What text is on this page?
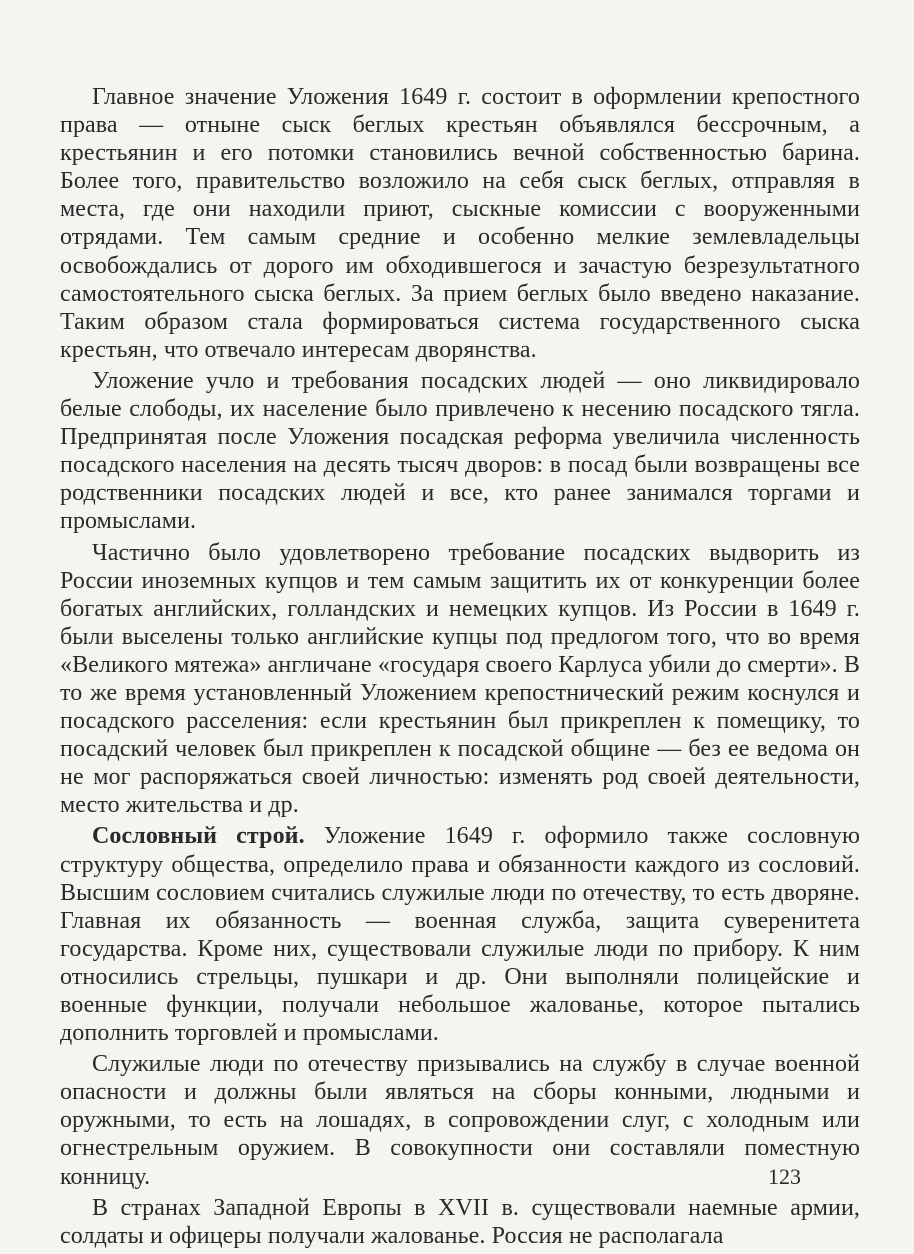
Главное значение Уложения 1649 г. состоит в оформлении крепостного права — отныне сыск беглых крестьян объявлялся бессрочным, а крестьянин и его потомки становились вечной собственностью барина. Более того, правительство возложило на себя сыск беглых, отправляя в места, где они находили приют, сыскные комиссии с вооруженными отрядами. Тем самым средние и особенно мелкие землевладельцы освобождались от дорого им обходившегося и зачастую безрезультатного самостоятельного сыска беглых. За прием беглых было введено наказание. Таким образом стала формироваться система государственного сыска крестьян, что отвечало интересам дворянства.

Уложение учло и требования посадских людей — оно ликвидировало белые слободы, их население было привлечено к несению посадского тягла. Предпринятая после Уложения посадская реформа увеличила численность посадского населения на десять тысяч дворов: в посад были возвращены все родственники посадских людей и все, кто ранее занимался торгами и промыслами.

Частично было удовлетворено требование посадских выдворить из России иноземных купцов и тем самым защитить их от конкуренции более богатых английских, голландских и немецких купцов. Из России в 1649 г. были выселены только английские купцы под предлогом того, что во время «Великого мятежа» англичане «государя своего Карлуса убили до смерти». В то же время установленный Уложением крепостнический режим коснулся и посадского расселения: если крестьянин был прикреплен к помещику, то посадский человек был прикреплен к посадской общине — без ее ведома он не мог распоряжаться своей личностью: изменять род своей деятельности, место жительства и др.

Сословный строй. Уложение 1649 г. оформило также сословную структуру общества, определило права и обязанности каждого из сословий. Высшим сословием считались служилые люди по отечеству, то есть дворяне. Главная их обязанность — военная служба, защита суверенитета государства. Кроме них, существовали служилые люди по прибору. К ним относились стрельцы, пушкари и др. Они выполняли полицейские и военные функции, получали небольшое жалованье, которое пытались дополнить торговлей и промыслами.

Служилые люди по отечеству призывались на службу в случае военной опасности и должны были являться на сборы конными, людными и оружными, то есть на лошадях, в сопровождении слуг, с холодным или огнестрельным оружием. В совокупности они составляли поместную конницу.

В странах Западной Европы в XVII в. существовали наемные армии, солдаты и офицеры получали жалованье. Россия не располагала

123
